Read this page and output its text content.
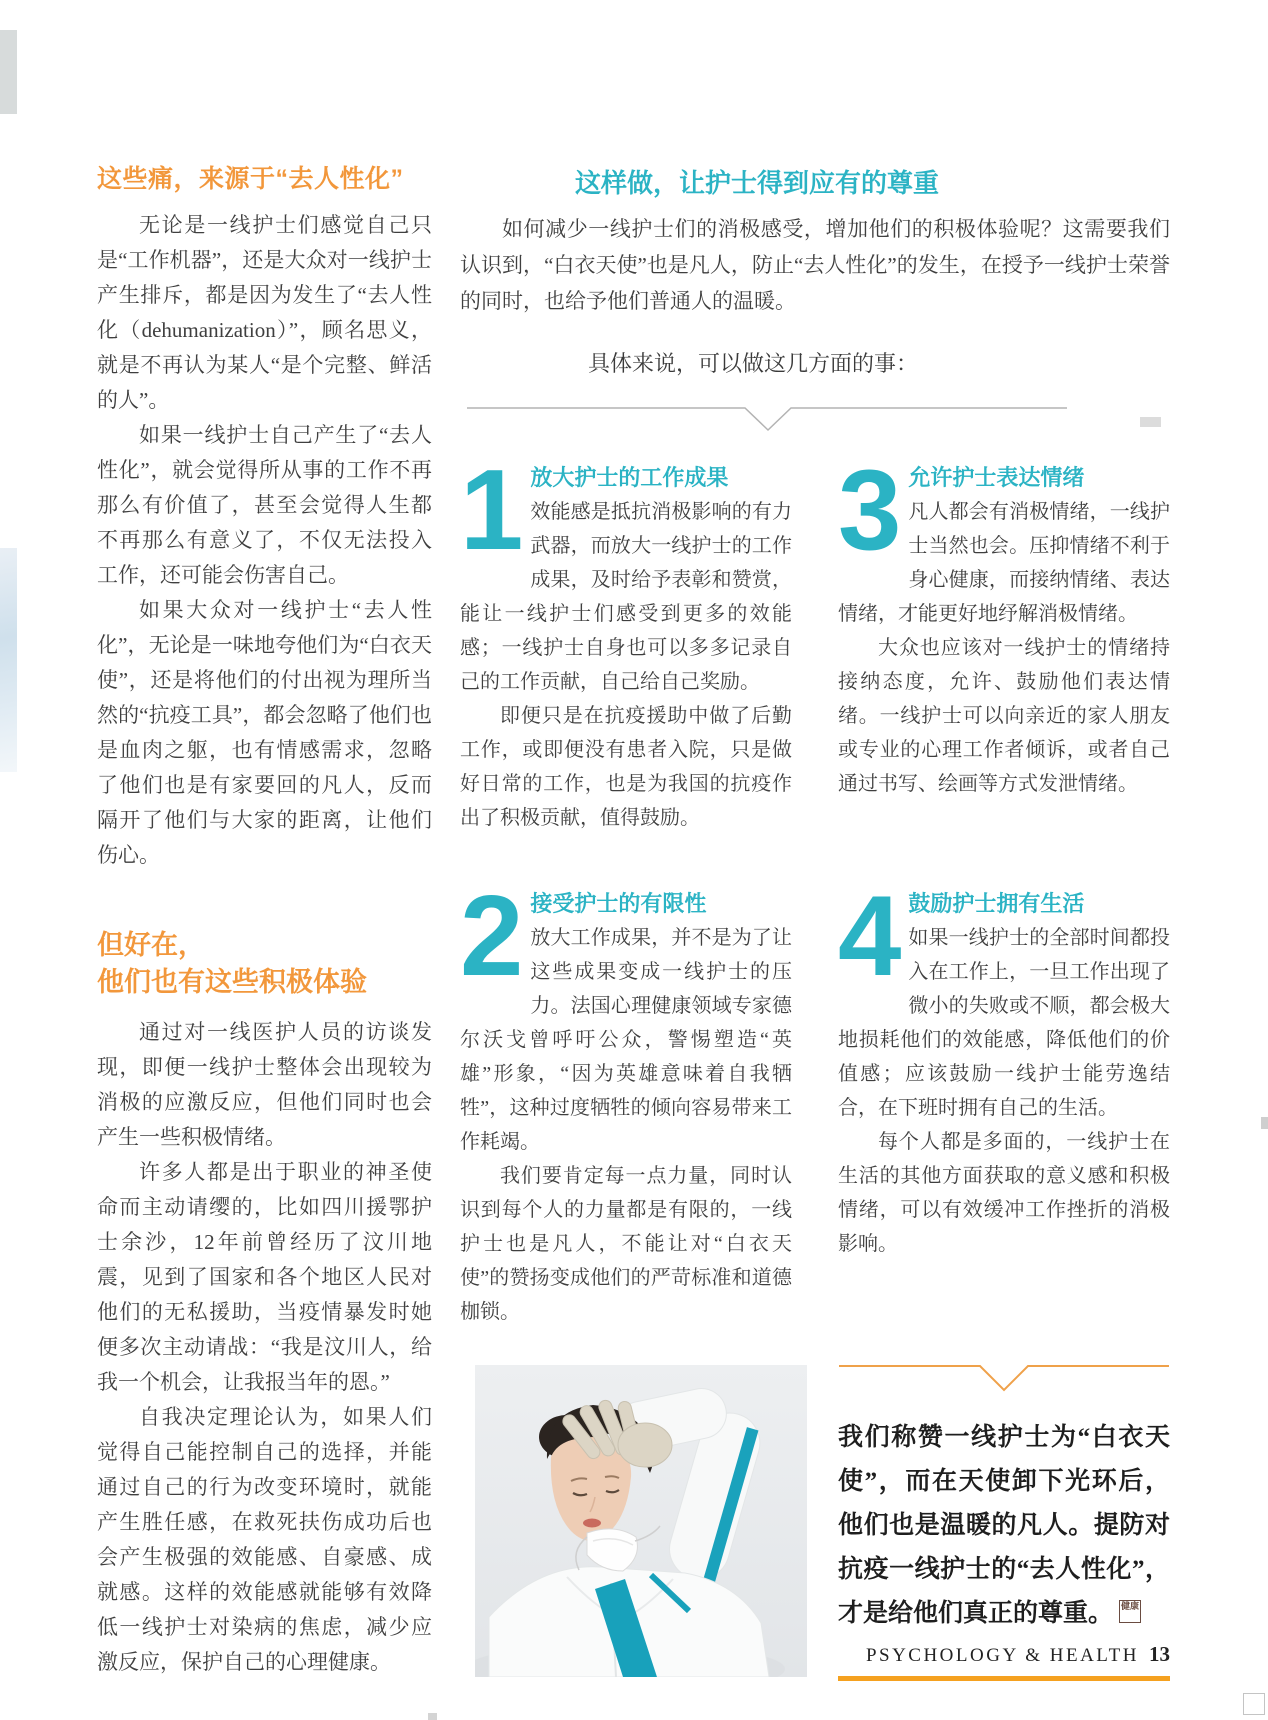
这些痛，来源于“去人性化”

无论是一线护士们感觉自己只是“工作机器”，还是大众对一线护士产生排斥，都是因为发生了“去人性化（dehumanization）”，顾名思义，就是不再认为某人“是个完整、鲜活的人”。

如果一线护士自己产生了“去人性化”，就会觉得所从事的工作不再那么有价值了，甚至会觉得人生都不再那么有意义了，不仅无法投入工作，还可能会伤害自己。

如果大众对一线护士“去人性化”，无论是一味地夸他们为“白衣天使”，还是将他们的付出视为理所当然的“抗疫工具”，都会忽略了他们也是血肉之躯，也有情感需求，忽略了他们也是有家要回的凡人，反而隔开了他们与大家的距离，让他们伤心。

但好在，
他们也有这些积极体验

通过对一线医护人员的访谈发现，即便一线护士整体会出现较为消极的应激反应，但他们同时也会产生一些积极情绪。

许多人都是出于职业的神圣使命而主动请缨的，比如四川援鄂护士余沙，12年前曾经历了汶川地震，见到了国家和各个地区人民对他们的无私援助，当疫情暴发时她便多次主动请战：“我是汶川人，给我一个机会，让我报当年的恩。”

自我决定理论认为，如果人们觉得自己能控制自己的选择，并能通过自己的行为改变环境时，就能产生胜任感，在救死扶伤成功后也会产生极强的效能感、自豪感、成就感。这样的效能感就能够有效降低一线护士对染病的焦虑，减少应激反应，保护自己的心理健康。

这样做，让护士得到应有的尊重

如何减少一线护士们的消极感受，增加他们的积极体验呢？这需要我们认识到，“白衣天使”也是凡人，防止“去人性化”的发生，在授予一线护士荣誉的同时，也给予他们普通人的温暖。

具体来说，可以做这几方面的事：

1 放大护士的工作成果

效能感是抵抗消极影响的有力武器，而放大一线护士的工作成果，及时给予表彰和赞赏，能让一线护士们感受到更多的效能感；一线护士自身也可以多多记录自己的工作贡献，自己给自己奖励。

即便只是在抗疫援助中做了后勤工作，或即便没有患者入院，只是做好日常的工作，也是为我国的抗疫作出了积极贡献，值得鼓励。

3 允许护士表达情绪

凡人都会有消极情绪，一线护士当然也会。压抑情绪不利于身心健康，而接纳情绪、表达情绪，才能更好地纾解消极情绪。

大众也应该对一线护士的情绪持接纳态度，允许、鼓励他们表达情绪。一线护士可以向亲近的家人朋友或专业的心理工作者倾诉，或者自己通过书写、绘画等方式发泄情绪。

2 接受护士的有限性

放大工作成果，并不是为了让这些成果变成一线护士的压力。法国心理健康领域专家德尔沃戈曾呼吁公众，警惕塑造“英雄”形象，“因为英雄意味着自我牺牲”，这种过度牺牲的倾向容易带来工作耗竭。

我们要肯定每一点力量，同时认识到每个人的力量都是有限的，一线护士也是凡人，不能让对“白衣天使”的赞扬变成他们的严苛标准和道德枷锁。

4 鼓励护士拥有生活

如果一线护士的全部时间都投入在工作上，一旦工作出现了微小的失败或不顺，都会极大地损耗他们的效能感，降低他们的价值感；应该鼓励一线护士能劳逸结合，在下班时拥有自己的生活。

每个人都是多面的，一线护士在生活的其他方面获取的意义感和积极情绪，可以有效缓冲工作挫折的消极影响。

我们称赞一线护士为“白衣天使”，而在天使卸下光环后，他们也是温暖的凡人。提防对抗疫一线护士的“去人性化”，才是给他们真正的尊重。 健康

PSYCHOLOGY & HEALTH 13
